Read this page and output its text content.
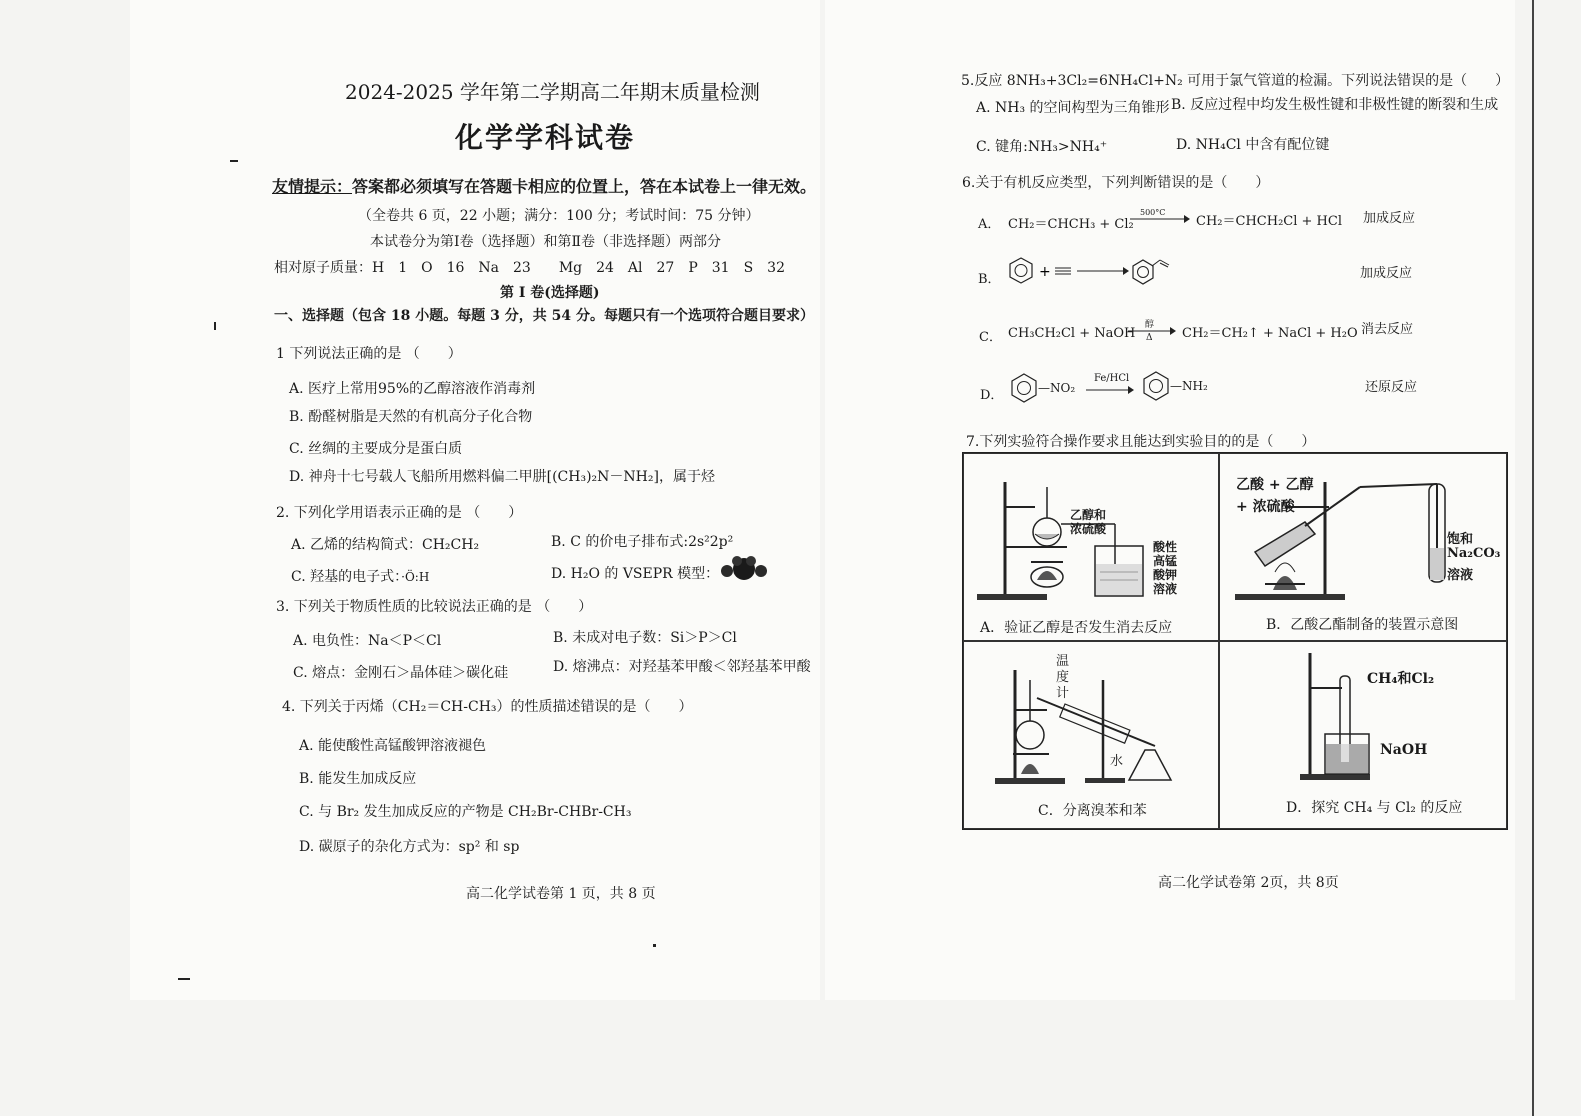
2024-2025 学年第二学期高二年期末质量检测
化学学科试卷
友情提示：答案都必须填写在答题卡相应的位置上，答在本试卷上一律无效。
（全卷共 6 页，22 小题；满分：100 分；考试时间：75 分钟）
本试卷分为第Ⅰ卷（选择题）和第Ⅱ卷（非选择题）两部分
相对原子质量：H　1　O　16　Na　23　　Mg　24　Al　27　P　31　S　32
第 I 卷(选择题)
一、选择题（包含 18 小题。每题 3 分，共 54 分。每题只有一个选项符合题目要求）
1 下列说法正确的是 （　　）
A. 医疗上常用95%的乙醇溶液作消毒剂
B. 酚醛树脂是天然的有机高分子化合物
C. 丝绸的主要成分是蛋白质
D. 神舟十七号载人飞船所用燃料偏二甲肼[(CH₃)₂N－NH₂]，属于烃
2. 下列化学用语表示正确的是 （　　）
A. 乙烯的结构简式：CH₂CH₂	B. C 的价电子排布式:2s²2p²
C. 羟基的电子式：·Ö:H	D. H₂O 的 VSEPR 模型：
3. 下列关于物质性质的比较说法正确的是 （　　）
A. 电负性：Na＜P＜Cl	B. 未成对电子数：Si＞P＞Cl
C. 熔点：金刚石＞晶体硅＞碳化硅	D. 熔沸点：对羟基苯甲酸＜邻羟基苯甲酸
4. 下列关于丙烯（CH₂＝CH-CH₃）的性质描述错误的是（　　）
A. 能使酸性高锰酸钾溶液褪色
B. 能发生加成反应
C. 与 Br₂ 发生加成反应的产物是 CH₂Br-CHBr-CH₃
D. 碳原子的杂化方式为：sp² 和 sp
高二化学试卷第 1 页，共 8 页
5.反应 8NH₃+3Cl₂=6NH₄Cl+N₂ 可用于氯气管道的检漏。下列说法错误的是（　　）
A. NH₃ 的空间构型为三角锥形 B. 反应过程中均发生极性键和非极性键的断裂和生成
C. 键角:NH₃>NH₄⁺	D. NH₄Cl 中含有配位键
6.关于有机反应类型，下列判断错误的是（　　）
A． CH₂＝CHCH₃ + Cl₂
500°C
→ CH₂＝CHCH₂Cl + HCl 加成反应
B．	+	加成反应
C． CH₃CH₂Cl + NaOH
醇
Δ → CH₂＝CH₂↑ + NaCl + H₂O 消去反应
D．	—NO₂
Fe/HCl
—NH₂	还原反应
7.下列实验符合操作要求且能达到实验目的的是（　　）
乙醇和
浓硫酸
酸性
高锰
酸钾
溶液
A．验证乙醇是否发生消去反应
乙酸 + 乙醇
+ 浓硫酸
饱和
Na₂CO₃
溶液
B．乙酸乙酯制备的装置示意图
温
度
计
水
C．分离溴苯和苯
CH₄和Cl₂
NaOH
D．探究 CH₄ 与 Cl₂ 的反应
高二化学试卷第 2页，共 8页
